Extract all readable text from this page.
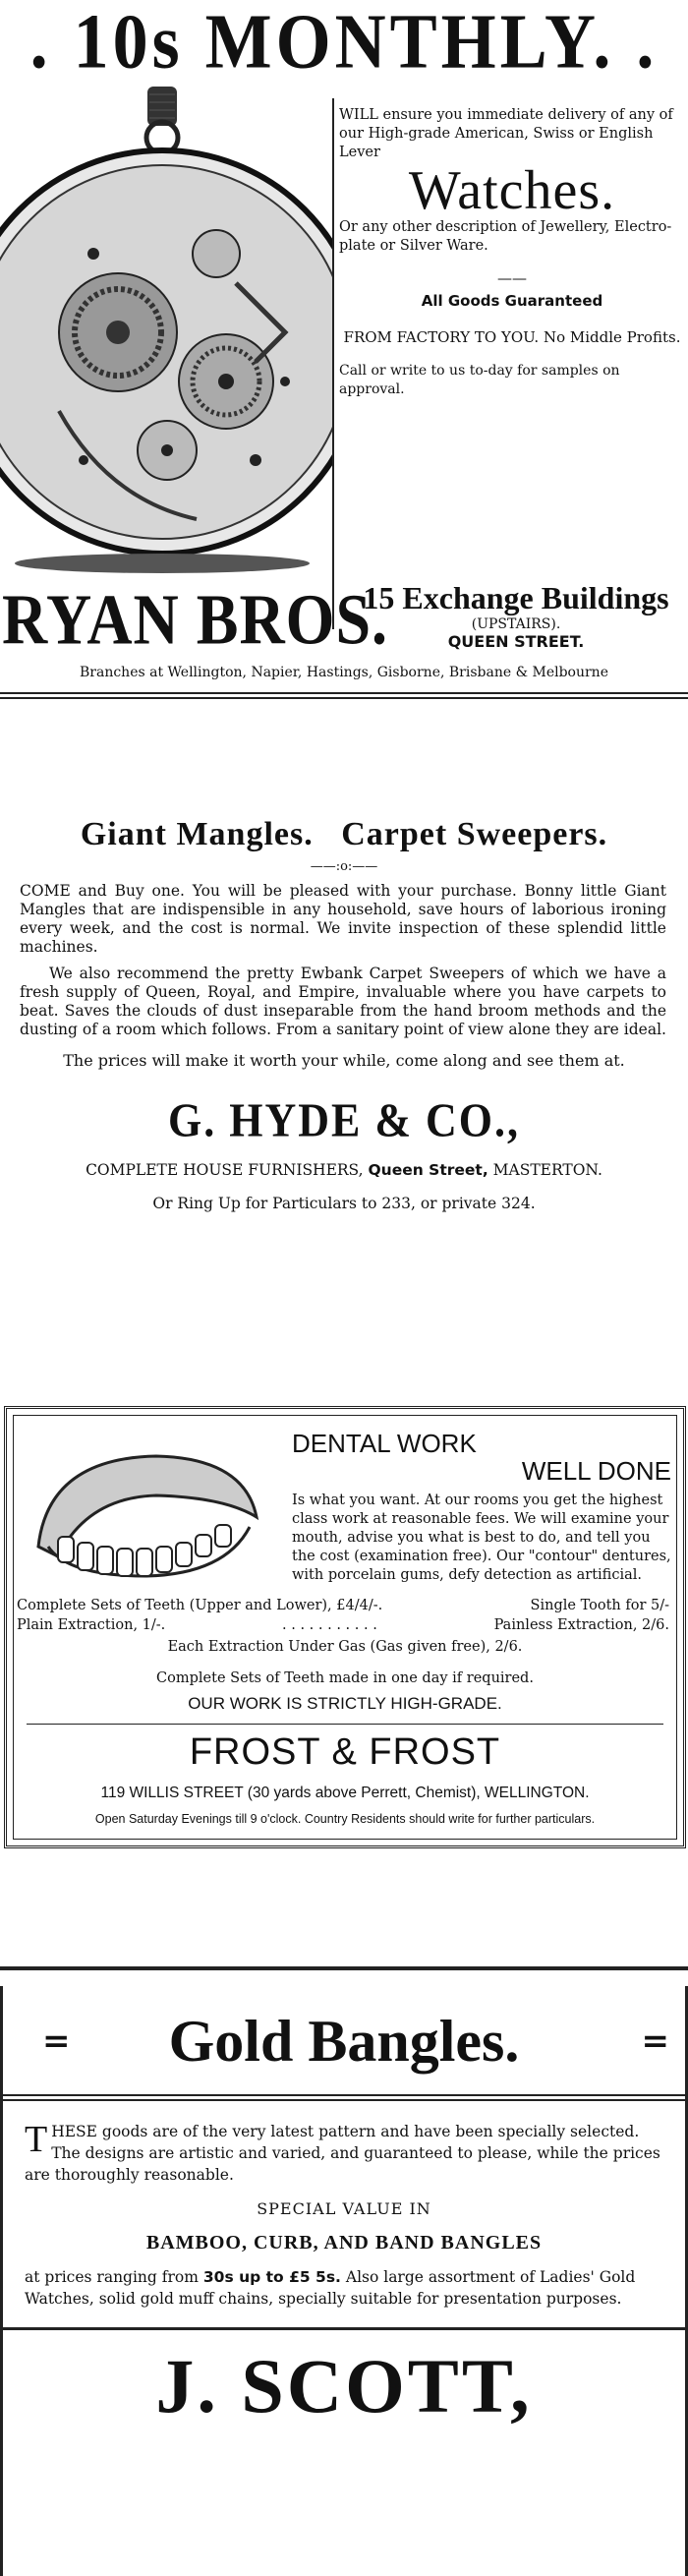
. 10s MONTHLY. .
WILL ensure you immediate delivery of any of our High-grade American, Swiss or English Lever
Watches.
Or any other description of Jewellery, Electro-plate or Silver Ware.
——
All Goods Guaranteed
FROM FACTORY TO YOU. No Middle Profits.
Call or write to us to-day for samples on approval.
RYAN BROS.
15 Exchange Buildings
(UPSTAIRS).
QUEEN STREET.
Branches at Wellington, Napier, Hastings, Gisborne, Brisbane & Melbourne
Giant Mangles.   Carpet Sweepers.
——:o:——

COME and Buy one. You will be pleased with your purchase. Bonny little Giant Mangles that are indispensible in any household, save hours of laborious ironing every week, and the cost is normal. We invite inspection of these splendid little machines.

We also recommend the pretty Ewbank Carpet Sweepers of which we have a fresh supply of Queen, Royal, and Empire, invaluable where you have carpets to beat. Saves the clouds of dust inseparable from the hand broom methods and the dusting of a room which follows. From a sanitary point of view alone they are ideal.

The prices will make it worth your while, come along and see them at.
G. HYDE & CO.,
COMPLETE HOUSE FURNISHERS, Queen Street, MASTERTON.
Or Ring Up for Particulars to 233, or private 324.
DENTAL WORK
WELL DONE
Is what you want. At our rooms you get the highest class work at reasonable fees. We will examine your mouth, advise you what is best to do, and tell you the cost (examination free). Our "contour" dentures, with porcelain gums, defy detection as artificial.
Complete Sets of Teeth (Upper and Lower), £4/4/-.	Single Tooth for 5/-
Plain Extraction, 1/-.	. . . . . . . . . . .	Painless Extraction, 2/6.
Each Extraction Under Gas (Gas given free), 2/6.
Complete Sets of Teeth made in one day if required.
OUR WORK IS STRICTLY HIGH-GRADE.
FROST & FROST
119 WILLIS STREET (30 yards above Perrett, Chemist), WELLINGTON.
Open Saturday Evenings till 9 o'clock. Country Residents should write for further particulars.
=	Gold Bangles.	=

THESE goods are of the very latest pattern and have been specially selected. The designs are artistic and varied, and guaranteed to please, while the prices are thoroughly reasonable.

SPECIAL VALUE IN
BAMBOO, CURB, AND BAND BANGLES

at prices ranging from 30s up to £5 5s. Also large assortment of Ladies' Gold Watches, solid gold muff chains, specially suitable for presentation purposes.

J. SCOTT,
